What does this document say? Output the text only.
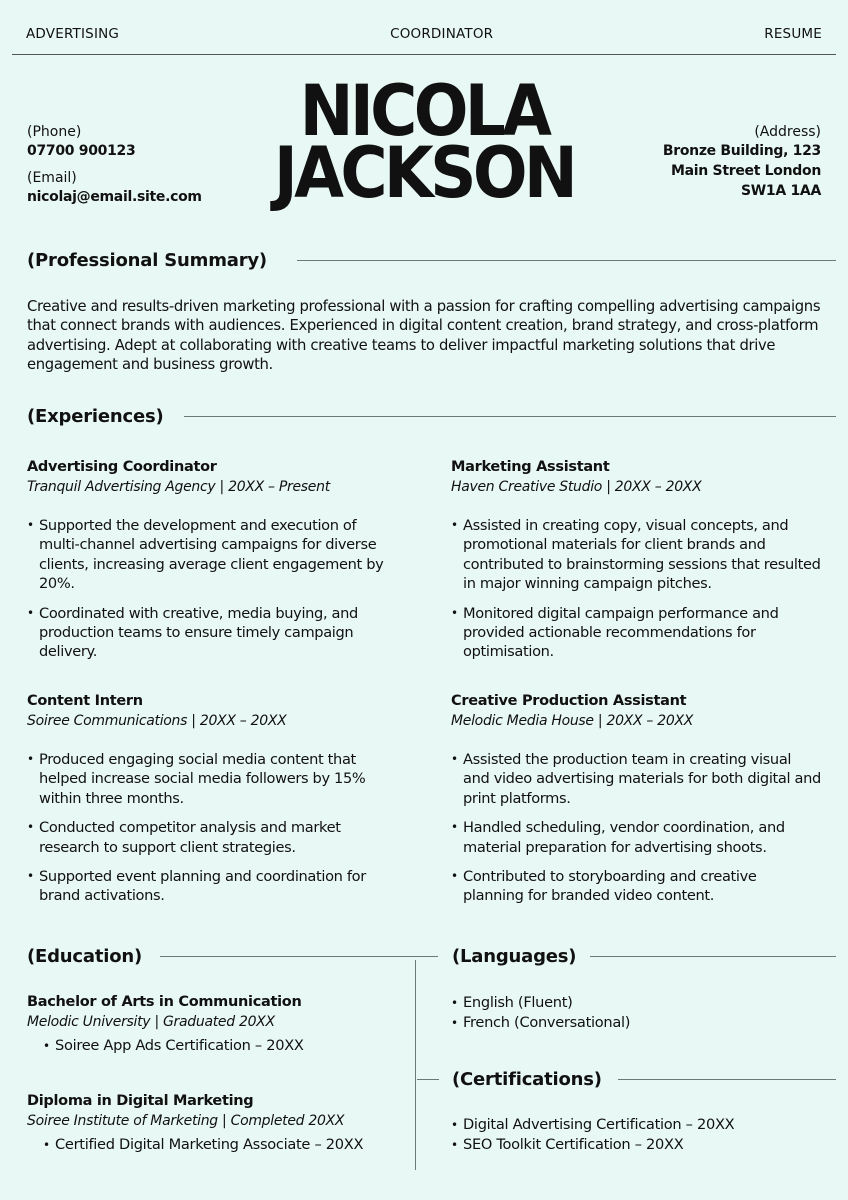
ADVERTISING	COORDINATOR	RESUME
NICOLA
JACKSON
(Phone)
07700 900123
(Email)
nicolaj@email.site.com
(Address)
Bronze Building, 123
Main Street London
SW1A 1AA
(Professional Summary)
Creative and results-driven marketing professional with a passion for crafting compelling advertising campaigns that connect brands with audiences. Experienced in digital content creation, brand strategy, and cross-platform advertising. Adept at collaborating with creative teams to deliver impactful marketing solutions that drive engagement and business growth.
(Experiences)
Advertising Coordinator
Tranquil Advertising Agency | 20XX – Present
• Supported the development and execution of multi-channel advertising campaigns for diverse clients, increasing average client engagement by 20%.
• Coordinated with creative, media buying, and production teams to ensure timely campaign delivery.
Marketing Assistant
Haven Creative Studio | 20XX – 20XX
• Assisted in creating copy, visual concepts, and promotional materials for client brands and contributed to brainstorming sessions that resulted in major winning campaign pitches.
• Monitored digital campaign performance and provided actionable recommendations for optimisation.
Content Intern
Soiree Communications | 20XX – 20XX
• Produced engaging social media content that helped increase social media followers by 15% within three months.
• Conducted competitor analysis and market research to support client strategies.
• Supported event planning and coordination for brand activations.
Creative Production Assistant
Melodic Media House | 20XX – 20XX
• Assisted the production team in creating visual and video advertising materials for both digital and print platforms.
• Handled scheduling, vendor coordination, and material preparation for advertising shoots.
• Contributed to storyboarding and creative planning for branded video content.
(Education)
Bachelor of Arts in Communication
Melodic University | Graduated 20XX
• Soiree App Ads Certification – 20XX
Diploma in Digital Marketing
Soiree Institute of Marketing | Completed 20XX
• Certified Digital Marketing Associate – 20XX
(Languages)
• English (Fluent)
• French (Conversational)
(Certifications)
• Digital Advertising Certification – 20XX
• SEO Toolkit Certification – 20XX
